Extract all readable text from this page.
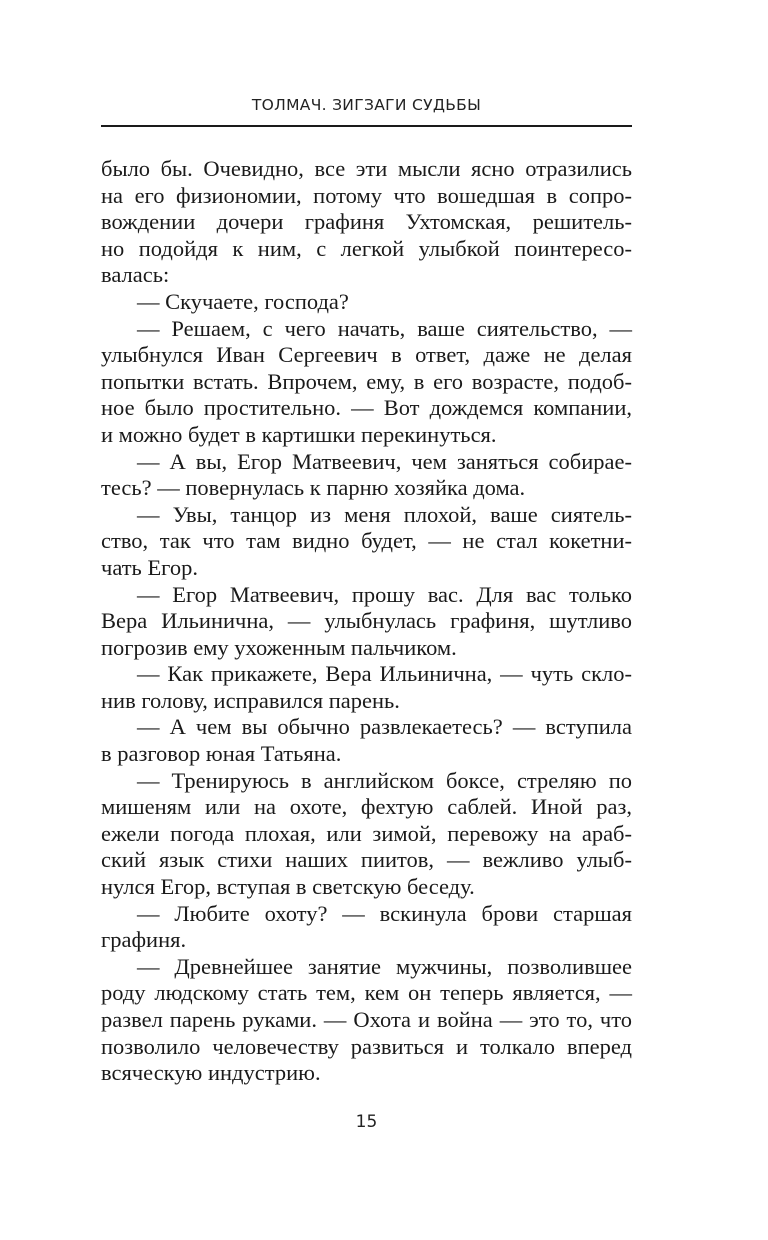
ТОЛМАЧ. ЗИГЗАГИ СУДЬБЫ
было бы. Очевидно, все эти мысли ясно отразились
на его физиономии, потому что вошедшая в сопро-
вождении дочери графиня Ухтомская, решитель-
но подойдя к ним, с легкой улыбкой поинтересо-
валась:
— Скучаете, господа?
— Решаем, с чего начать, ваше сиятельство, —
улыбнулся Иван Сергеевич в ответ, даже не делая
попытки встать. Впрочем, ему, в его возрасте, подоб-
ное было простительно. — Вот дождемся компании,
и можно будет в картишки перекинуться.
— А вы, Егор Матвеевич, чем заняться собирае-
тесь? — повернулась к парню хозяйка дома.
— Увы, танцор из меня плохой, ваше сиятель-
ство, так что там видно будет, — не стал кокетни-
чать Егор.
— Егор Матвеевич, прошу вас. Для вас только
Вера Ильинична, — улыбнулась графиня, шутливо
погрозив ему ухоженным пальчиком.
— Как прикажете, Вера Ильинична, — чуть скло-
нив голову, исправился парень.
— А чем вы обычно развлекаетесь? — вступила
в разговор юная Татьяна.
— Тренируюсь в английском боксе, стреляю по
мишеням или на охоте, фехтую саблей. Иной раз,
ежели погода плохая, или зимой, перевожу на араб-
ский язык стихи наших пиитов, — вежливо улыб-
нулся Егор, вступая в светскую беседу.
— Любите охоту? — вскинула брови старшая
графиня.
— Древнейшее занятие мужчины, позволившее
роду людскому стать тем, кем он теперь является, —
развел парень руками. — Охота и война — это то, что
позволило человечеству развиться и толкало вперед
всяческую индустрию.
15
